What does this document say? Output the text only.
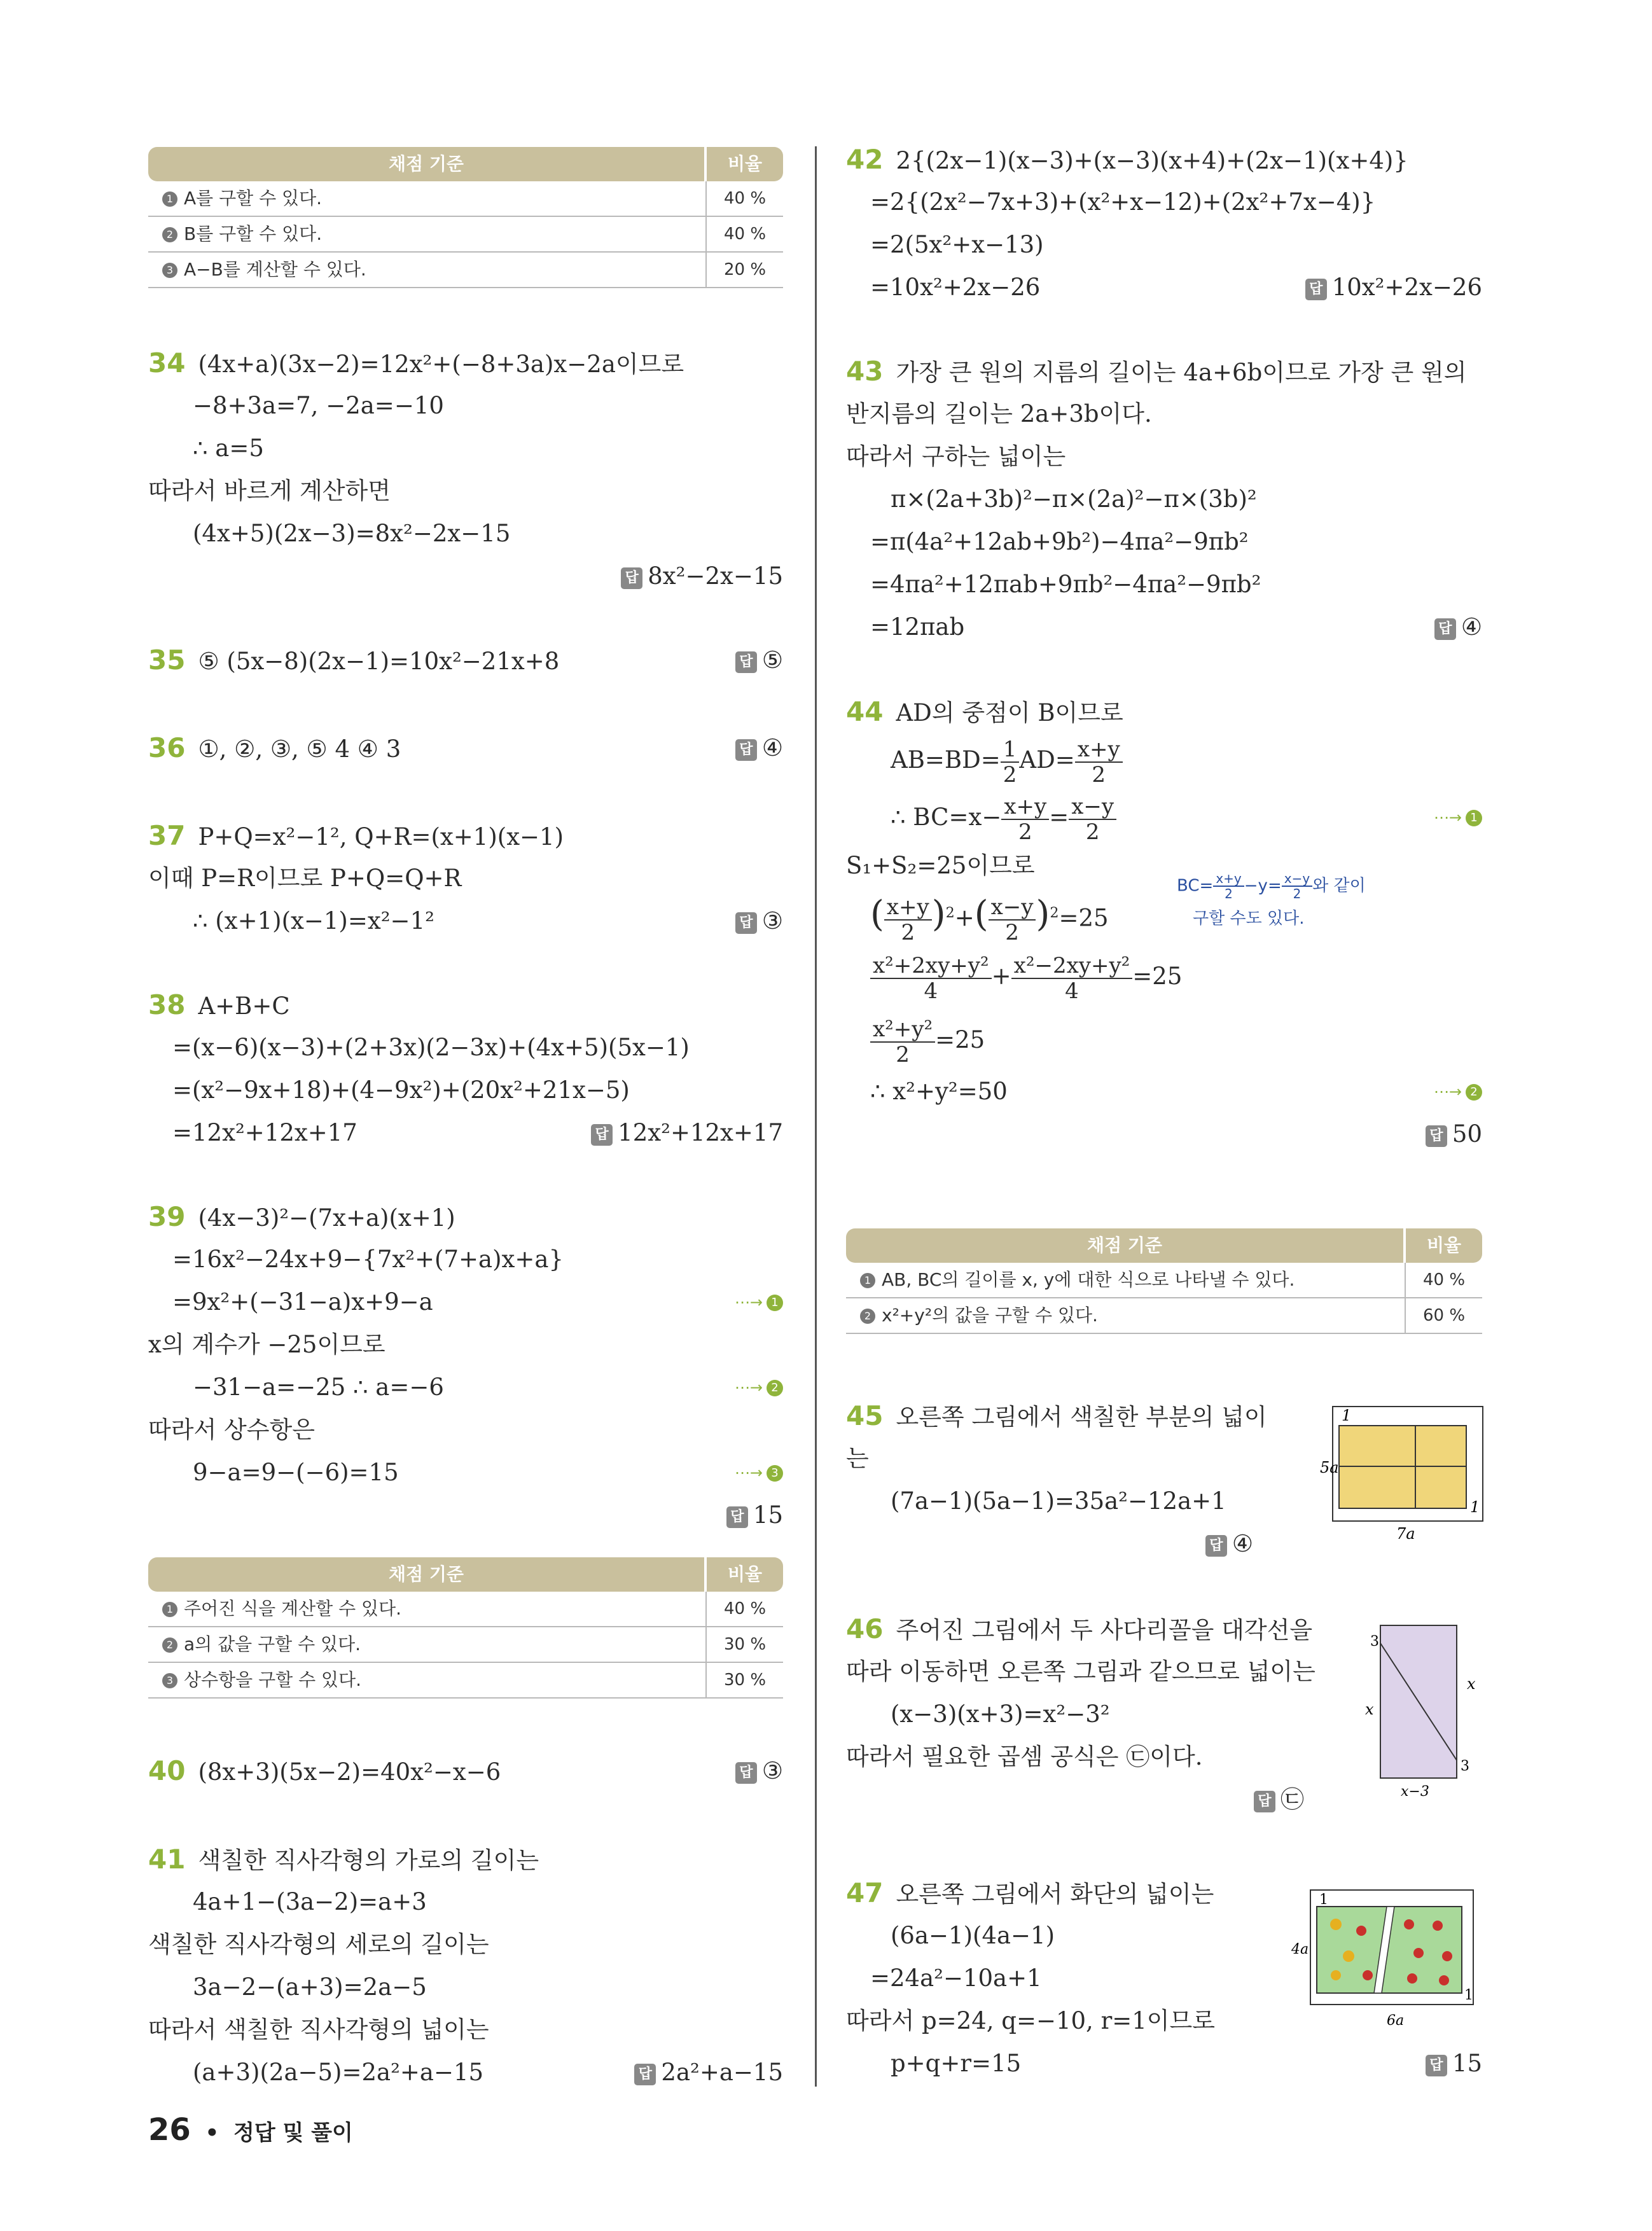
채점 기준	비율
1 A를 구할 수 있다.	40 %
2 B를 구할 수 있다.	40 %
3 A−B를 계산할 수 있다.	20 %
34 (4x+a)(3x−2)=12x²+(−8+3a)x−2a이므로
−8+3a=7, −2a=−10
∴ a=5
따라서 바르게 계산하면
(4x+5)(2x−3)=8x²−2x−15
답 8x²−2x−15
35 ⑤ (5x−8)(2x−1)=10x²−21x+8	답 ⑤
36 ①, ②, ③, ⑤ 4 ④ 3	답 ④
37 P+Q=x²−1², Q+R=(x+1)(x−1)
이때 P=R이므로 P+Q=Q+R
∴ (x+1)(x−1)=x²−1²	답 ③
38 A+B+C
=(x−6)(x−3)+(2+3x)(2−3x)+(4x+5)(5x−1)
=(x²−9x+18)+(4−9x²)+(20x²+21x−5)
=12x²+12x+17	답 12x²+12x+17
39 (4x−3)²−(7x+a)(x+1)
=16x²−24x+9−{7x²+(7+a)x+a}
=9x²+(−31−a)x+9−a	⋯→ 1
x의 계수가 −25이므로
−31−a=−25 ∴ a=−6	⋯→ 2
따라서 상수항은
9−a=9−(−6)=15	⋯→ 3
답 15
채점 기준	비율
1 주어진 식을 계산할 수 있다.	40 %
2 a의 값을 구할 수 있다.	30 %
3 상수항을 구할 수 있다.	30 %
40 (8x+3)(5x−2)=40x²−x−6	답 ③
41 색칠한 직사각형의 가로의 길이는
4a+1−(3a−2)=a+3
색칠한 직사각형의 세로의 길이는
3a−2−(a+3)=2a−5
따라서 색칠한 직사각형의 넓이는
(a+3)(2a−5)=2a²+a−15	답 2a²+a−15
42 2{(2x−1)(x−3)+(x−3)(x+4)+(2x−1)(x+4)}
=2{(2x²−7x+3)+(x²+x−12)+(2x²+7x−4)}
=2(5x²+x−13)
=10x²+2x−26	답 10x²+2x−26
43 가장 큰 원의 지름의 길이는 4a+6b이므로 가장 큰 원의
반지름의 길이는 2a+3b이다.
따라서 구하는 넓이는
π×(2a+3b)²−π×(2a)²−π×(3b)²
=π(4a²+12ab+9b²)−4πa²−9πb²
=4πa²+12πab+9πb²−4πa²−9πb²
=12πab	답 ④
44 AD의 중점이 B이므로
$AB=BD= \frac{1}{2} AD= \frac{x+y}{2}$
∴ $BC=x- \frac{x+y}{2} = \frac{x-y}{2}$	⋯→ 1
S₁+S₂=25이므로
$BC= \frac{x+y}{2} -y= \frac{x-y}{2}$ 와 같이
구할 수도 있다.
( $\frac{x+y}{2} )^2+( \frac{x-y}{2} )^2=25$
$\frac{\text{x²+2xy+y²}}{4} + \frac{\text{x²−2xy+y²}}{4} =25$
$\frac{\text{x²+y²}}{2} =25$
∴ x²+y²=50	⋯→ 2
답 50
채점 기준	비율
1 AB, BC의 길이를 x, y에 대한 식으로 나타낼 수 있다.	40 %
2 x²+y²의 값을 구할 수 있다.	60 %
45 오른쪽 그림에서 색칠한 부분의 넓이
는
(7a−1)(5a−1)=35a²−12a+1
답 ④
1
5a
1
7a
46 주어진 그림에서 두 사다리꼴을 대각선을
따라 이동하면 오른쪽 그림과 같으므로 넓이는
(x−3)(x+3)=x²−3²
따라서 필요한 곱셈 공식은 ㉢이다.
답 ㉢
3
x
x
3
x−3
47 오른쪽 그림에서 화단의 넓이는
(6a−1)(4a−1)
=24a²−10a+1
따라서 p=24, q=−10, r=1이므로
p+q+r=15	답 15
1
4a
1
6a
26 • 정답 및 풀이
